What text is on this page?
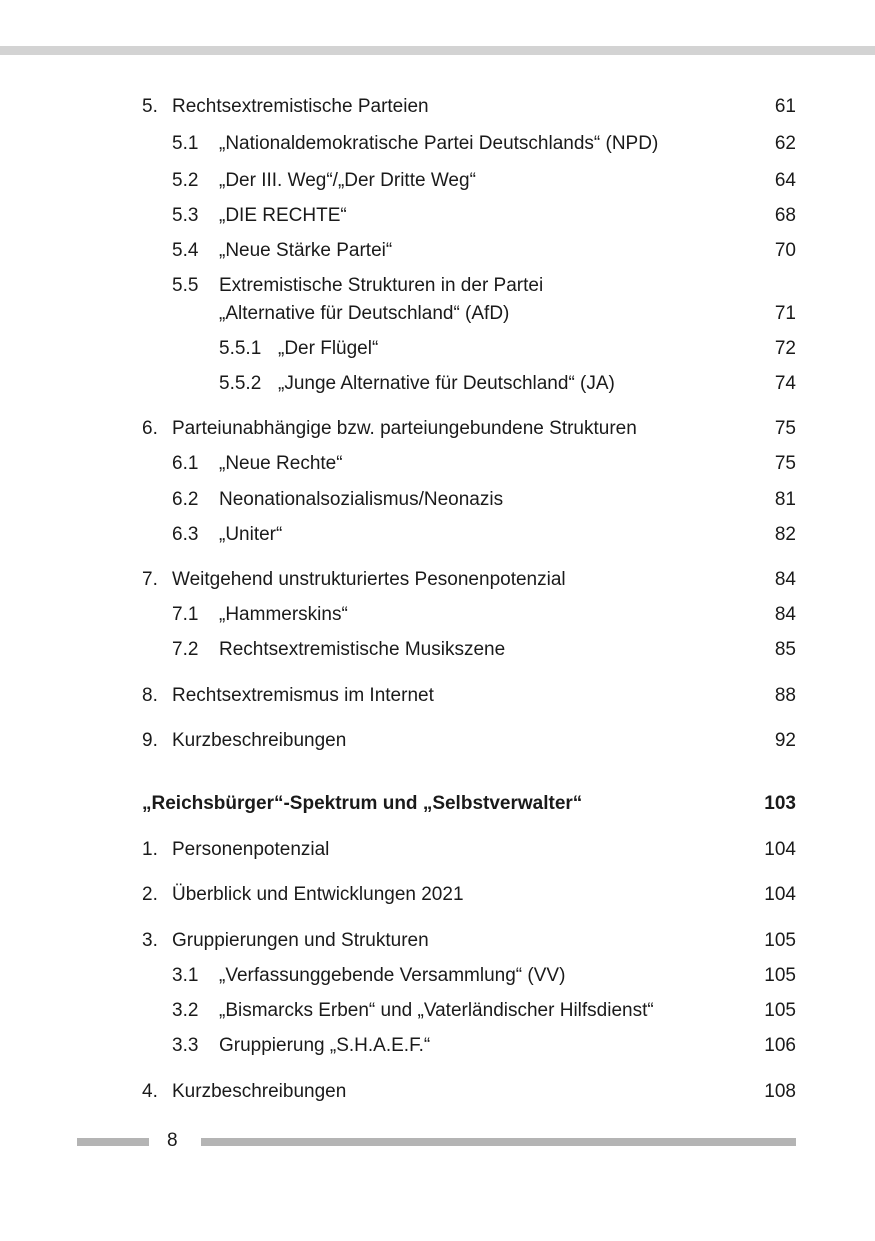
5. Rechtsextremistische Parteien	61
5.1 „Nationaldemokratische Partei Deutschlands“ (NPD)	62
5.2 „Der III. Weg“/„Der Dritte Weg“	64
5.3 „DIE RECHTE“	68
5.4 „Neue Stärke Partei“	70
5.5 Extremistische Strukturen in der Partei
„Alternative für Deutschland“ (AfD)	71
5.5.1 „Der Flügel“	72
5.5.2 „Junge Alternative für Deutschland“ (JA)	74
6. Parteiunabhängige bzw. parteiungebundene Strukturen	75
6.1 „Neue Rechte“	75
6.2 Neonationalsozialismus/Neonazis	81
6.3 „Uniter“	82
7. Weitgehend unstrukturiertes Pesonenpotenzial	84
7.1 „Hammerskins“	84
7.2 Rechtsextremistische Musikszene	85
8. Rechtsextremismus im Internet	88
9. Kurzbeschreibungen	92
„Reichsbürger“-Spektrum und „Selbstverwalter“	103
1. Personenpotenzial	104
2. Überblick und Entwicklungen 2021	104
3. Gruppierungen und Strukturen	105
3.1 „Verfassunggebende Versammlung“ (VV)	105
3.2 „Bismarcks Erben“ und „Vaterländischer Hilfsdienst“	105
3.3 Gruppierung „S.H.A.E.F.“	106
4. Kurzbeschreibungen	108
8
